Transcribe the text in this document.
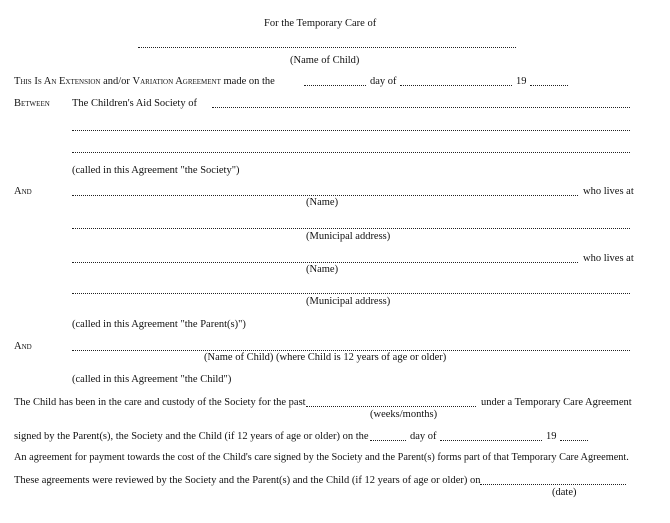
For the Temporary Care of
(Name of Child)
This Is An Extension and/or Variation Agreement made on the	day of	19
Between The Children's Aid Society of
(called in this Agreement "the Society")
And	who lives at
(Name)
(Municipal address)
who lives at
(Name)
(Municipal address)
(called in this Agreement "the Parent(s)")
And
(Name of Child) (where Child is 12 years of age or older)
(called in this Agreement "the Child")
The Child has been in the care and custody of the Society for the past	under a Temporary Care Agreement
(weeks/months)
signed by the Parent(s), the Society and the Child (if 12 years of age or older) on the	day of	19
An agreement for payment towards the cost of the Child's care signed by the Society and the Parent(s) forms part of that Temporary Care Agreement.
These agreements were reviewed by the Society and the Parent(s) and the Child (if 12 years of age or older) on
(date)
